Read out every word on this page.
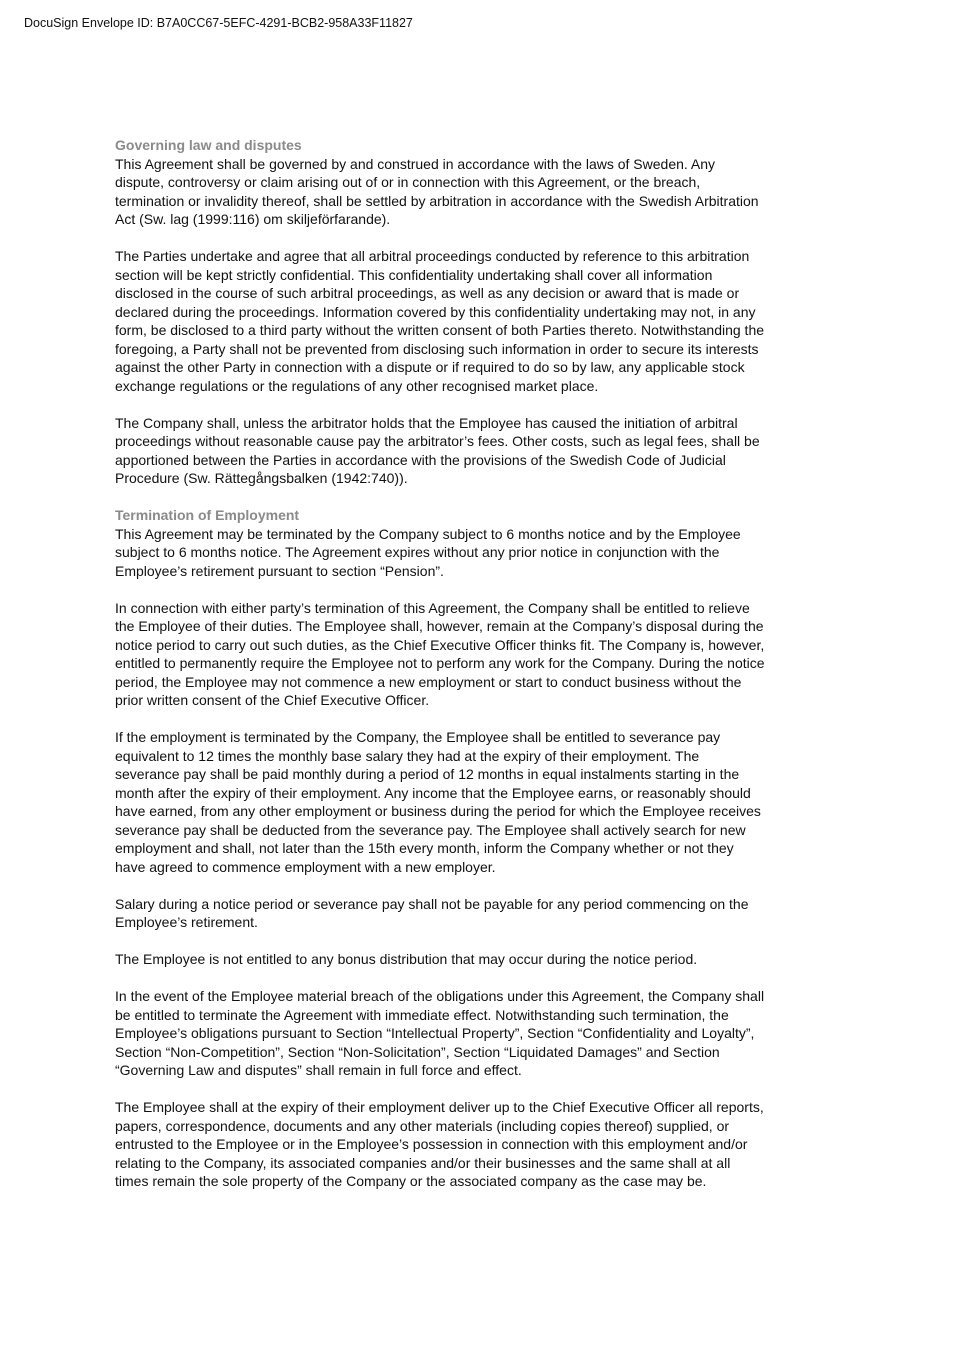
DocuSign Envelope ID: B7A0CC67-5EFC-4291-BCB2-958A33F11827
Governing law and disputes

This Agreement shall be governed by and construed in accordance with the laws of Sweden. Any dispute, controversy or claim arising out of or in connection with this Agreement, or the breach, termination or invalidity thereof, shall be settled by arbitration in accordance with the Swedish Arbitration Act (Sw. lag (1999:116) om skiljeförfarande).

The Parties undertake and agree that all arbitral proceedings conducted by reference to this arbitration section will be kept strictly confidential. This confidentiality undertaking shall cover all information disclosed in the course of such arbitral proceedings, as well as any decision or award that is made or declared during the proceedings. Information covered by this confidentiality undertaking may not, in any form, be disclosed to a third party without the written consent of both Parties thereto. Notwithstanding the foregoing, a Party shall not be prevented from disclosing such information in order to secure its interests against the other Party in connection with a dispute or if required to do so by law, any applicable stock exchange regulations or the regulations of any other recognised market place.

The Company shall, unless the arbitrator holds that the Employee has caused the initiation of arbitral proceedings without reasonable cause pay the arbitrator’s fees. Other costs, such as legal fees, shall be apportioned between the Parties in accordance with the provisions of the Swedish Code of Judicial Procedure (Sw. Rättegångsbalken (1942:740)).

Termination of Employment

This Agreement may be terminated by the Company subject to 6 months notice and by the Employee subject to 6 months notice. The Agreement expires without any prior notice in conjunction with the Employee’s retirement pursuant to section “Pension”.

In connection with either party’s termination of this Agreement, the Company shall be entitled to relieve the Employee of their duties. The Employee shall, however, remain at the Company’s disposal during the notice period to carry out such duties, as the Chief Executive Officer thinks fit. The Company is, however, entitled to permanently require the Employee not to perform any work for the Company. During the notice period, the Employee may not commence a new employment or start to conduct business without the prior written consent of the Chief Executive Officer.

If the employment is terminated by the Company, the Employee shall be entitled to severance pay equivalent to 12 times the monthly base salary they had at the expiry of their employment. The severance pay shall be paid monthly during a period of 12 months in equal instalments starting in the month after the expiry of their employment. Any income that the Employee earns, or reasonably should have earned, from any other employment or business during the period for which the Employee receives severance pay shall be deducted from the severance pay. The Employee shall actively search for new employment and shall, not later than the 15th every month, inform the Company whether or not they have agreed to commence employment with a new employer.

Salary during a notice period or severance pay shall not be payable for any period commencing on the Employee’s retirement.

The Employee is not entitled to any bonus distribution that may occur during the notice period.

In the event of the Employee material breach of the obligations under this Agreement, the Company shall be entitled to terminate the Agreement with immediate effect. Notwithstanding such termination, the Employee’s obligations pursuant to Section “Intellectual Property”, Section “Confidentiality and Loyalty”, Section “Non-Competition”, Section “Non-Solicitation”, Section “Liquidated Damages” and Section “Governing Law and disputes” shall remain in full force and effect.

The Employee shall at the expiry of their employment deliver up to the Chief Executive Officer all reports, papers, correspondence, documents and any other materials (including copies thereof) supplied, or entrusted to the Employee or in the Employee’s possession in connection with this employment and/or relating to the Company, its associated companies and/or their businesses and the same shall at all times remain the sole property of the Company or the associated company as the case may be.
